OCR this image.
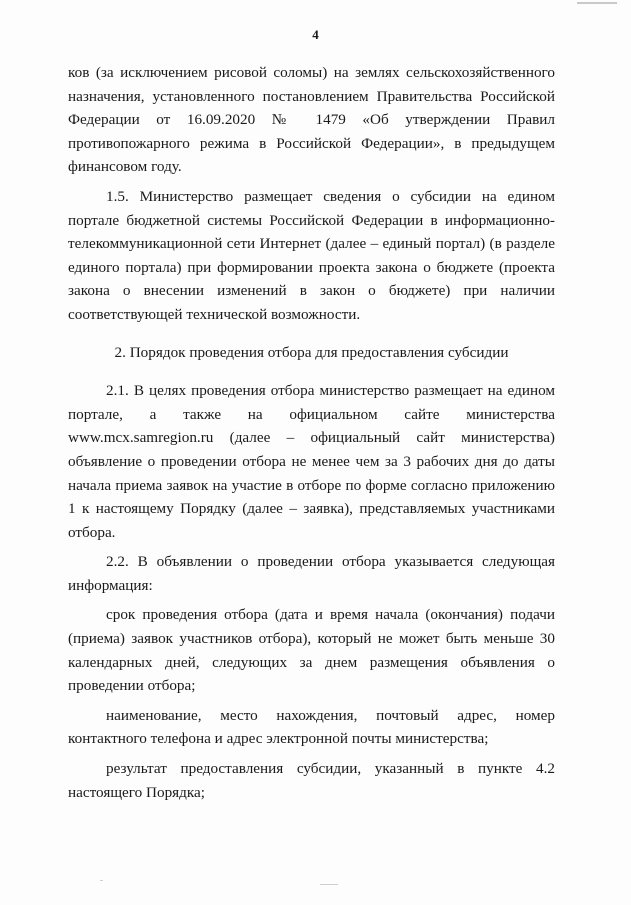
4

ков (за исключением рисовой соломы) на землях сельскохозяйственного назначения, установленного постановлением Правительства Российской Федерации от 16.09.2020 № 1479 «Об утверждении Правил противопожарного режима в Российской Федерации», в предыдущем финансовом году.

1.5. Министерство размещает сведения о субсидии на едином портале бюджетной системы Российской Федерации в информационно-телекоммуникационной сети Интернет (далее – единый портал) (в разделе единого портала) при формировании проекта закона о бюджете (проекта закона о внесении изменений в закон о бюджете) при наличии соответствующей технической возможности.

2. Порядок проведения отбора для предоставления субсидии

2.1. В целях проведения отбора министерство размещает на едином портале, а также на официальном сайте министерства www.mcx.samregion.ru (далее – официальный сайт министерства) объявление о проведении отбора не менее чем за 3 рабочих дня до даты начала приема заявок на участие в отборе по форме согласно приложению 1 к настоящему Порядку (далее – заявка), представляемых участниками отбора.

2.2. В объявлении о проведении отбора указывается следующая информация:

срок проведения отбора (дата и время начала (окончания) подачи (приема) заявок участников отбора), который не может быть меньше 30 календарных дней, следующих за днем размещения объявления о проведении отбора;

наименование, место нахождения, почтовый адрес, номер контактного телефона и адрес электронной почты министерства;

результат предоставления субсидии, указанный в пункте 4.2 настоящего Порядка;
